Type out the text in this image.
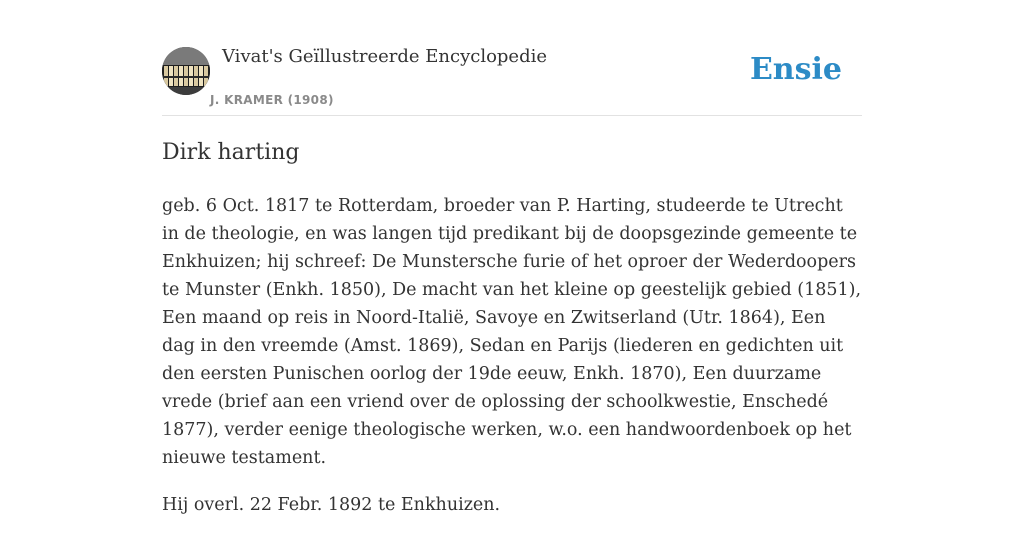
Vivat's Geïllustreerde Encyclopedie
J. KRAMER (1908)
Ensie
Dirk harting

geb. 6 Oct. 1817 te Rotterdam, broeder van P. Harting, studeerde te Utrecht in de theologie, en was langen tijd predikant bij de doopsgezinde gemeente te Enkhuizen; hij schreef: De Munstersche furie of het oproer der Wederdoopers te Munster (Enkh. 1850), De macht van het kleine op geestelijk gebied (1851), Een maand op reis in Noord-Italië, Savoye en Zwitserland (Utr. 1864), Een dag in den vreemde (Amst. 1869), Sedan en Parijs (liederen en gedichten uit den eersten Punischen oorlog der 19de eeuw, Enkh. 1870), Een duurzame vrede (brief aan een vriend over de oplossing der schoolkwestie, Enschedé 1877), verder eenige theologische werken, w.o. een handwoordenboek op het nieuwe testament.

Hij overl. 22 Febr. 1892 te Enkhuizen.
